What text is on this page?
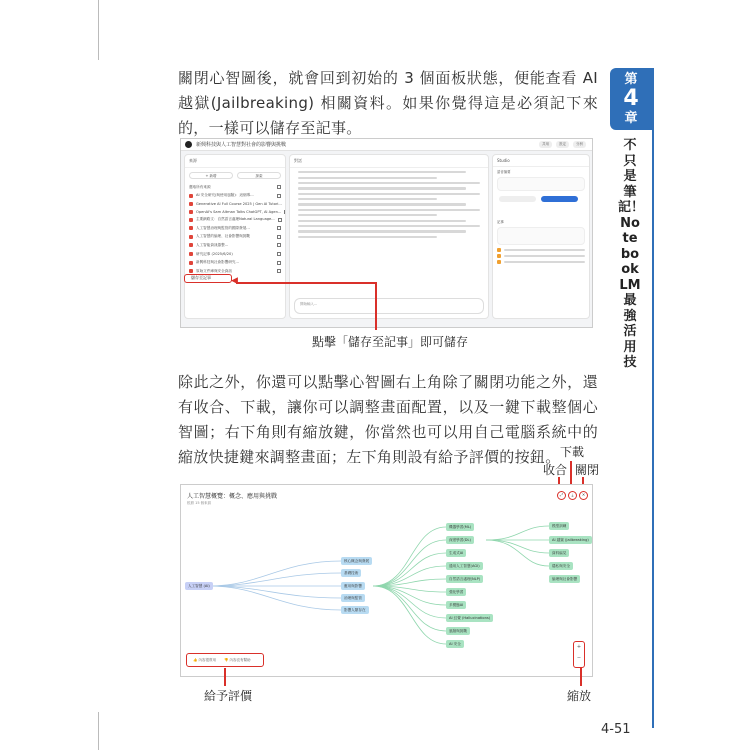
第
4
章
不只是筆記！NotebookLM最強活用技

關閉心智圖後，就會回到初始的 3 個面板狀態，便能查看 AI 越獄(Jailbreaking) 相關資料。如果你覺得這是必須記下來的，一樣可以儲存至記事。

新興科技與人工智慧對社會的影響與挑戰	共用	設定	分析
來源
+ 新增	探索
選取所有來源
AI 安全研究(與使用風險)：這個專...
Generative AI Full Course 2025 | Gen AI Tutori...
OpenAI's Sam Altman Talks ChatGPT, AI Agen...
主要網路文：自然語言處理Natural Language...
人工智慧治理與監管的國際發展...
人工智慧的倫理、社會影響與挑戰
人工智能資訊彙整...
研究記事 (2025/6/20)
新興科技與社會影響研究...
原始文件庫與安全資訊
對話
開始輸入...
Studio
語音摘要

記事
儲存至記事	◀
點擊「儲存至記事」即可儲存

除此之外，你還可以點擊心智圖右上角除了關閉功能之外，還有收合、下載，讓你可以調整畫面配置，以及一鍵下載整個心智圖；右下角則有縮放鍵，你當然也可以用自己電腦系統中的縮放快捷鍵來調整畫面；左下角則設有給予評價的按鈕。 下載
收合 關閉
人工智慧概覽：概念、應用與挑戰
根據 15 個來源
⤢	⤓	✕
人工智慧 (AI)
核心概念與發展
基礎技術
應用與影響
治理與監管
影響人類存在
機器學習(ML)
深度學習(DL)
生成式AI
通用人工智慧(AGI)
自然語言處理(NLP)
強化學習
多模態AI
AI 幻覺 (Hallucinations)
風險與挑戰
AI 安全
模型訓練
AI 越獄 (Jailbreaking)
資料偏見
隱私與安全
倫理與社會影響
👍 內容很實用 👎 內容沒有幫助
+
−
給予評價	縮放
4-51
